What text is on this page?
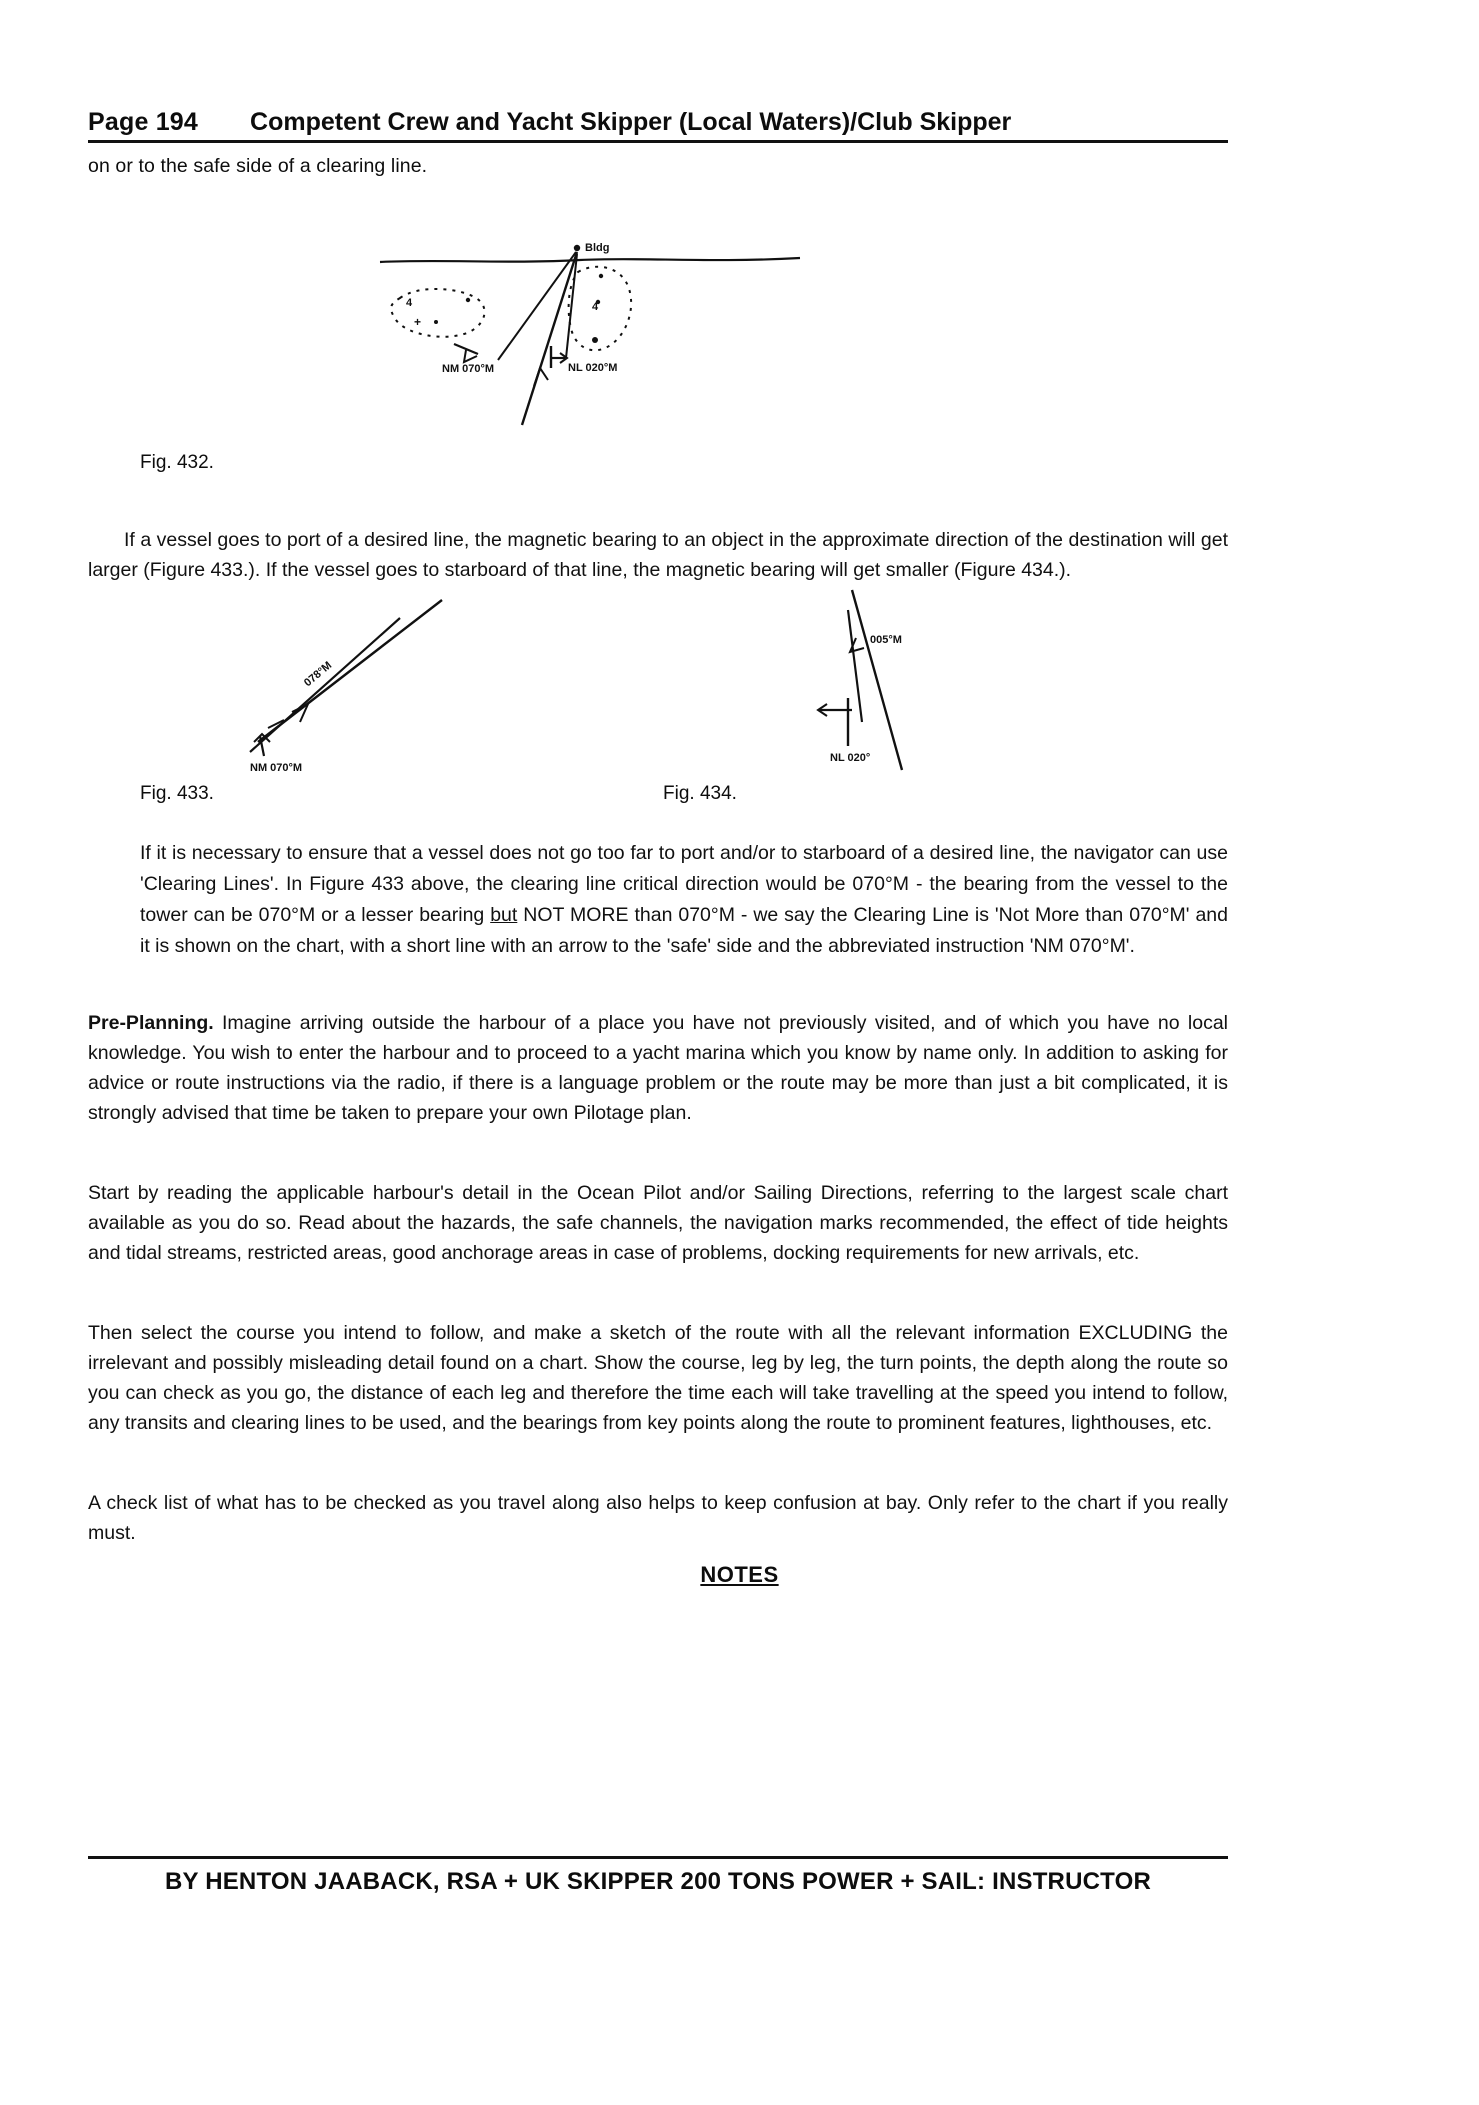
Page 194 Competent Crew and Yacht Skipper (Local Waters)/Club Skipper
on or to the safe side of a clearing line.
4
4
+
Bldg
NM 070°M	NL 020°M
Fig. 432.
If a vessel goes to port of a desired line, the magnetic bearing to an object in the approximate direction of the destination will get larger (Figure 433.). If the vessel goes to starboard of that line, the magnetic bearing will get smaller (Figure 434.).
078°M
NM 070°M
Fig. 433.
005°M
NL 020°
Fig. 434.
If it is necessary to ensure that a vessel does not go too far to port and/or to starboard of a desired line, the navigator can use 'Clearing Lines'. In Figure 433 above, the clearing line critical direction would be 070°M - the bearing from the vessel to the tower can be 070°M or a lesser bearing but NOT MORE than 070°M - we say the Clearing Line is 'Not More than 070°M' and it is shown on the chart, with a short line with an arrow to the 'safe' side and the abbreviated instruction 'NM 070°M'.
Pre-Planning. Imagine arriving outside the harbour of a place you have not previously visited, and of which you have no local knowledge. You wish to enter the harbour and to proceed to a yacht marina which you know by name only. In addition to asking for advice or route instructions via the radio, if there is a language problem or the route may be more than just a bit complicated, it is strongly advised that time be taken to prepare your own Pilotage plan.
Start by reading the applicable harbour's detail in the Ocean Pilot and/or Sailing Directions, referring to the largest scale chart available as you do so. Read about the hazards, the safe channels, the navigation marks recommended, the effect of tide heights and tidal streams, restricted areas, good anchorage areas in case of problems, docking requirements for new arrivals, etc.
Then select the course you intend to follow, and make a sketch of the route with all the relevant information EXCLUDING the irrelevant and possibly misleading detail found on a chart. Show the course, leg by leg, the turn points, the depth along the route so you can check as you go, the distance of each leg and therefore the time each will take travelling at the speed you intend to follow, any transits and clearing lines to be used, and the bearings from key points along the route to prominent features, lighthouses, etc.
A check list of what has to be checked as you travel along also helps to keep confusion at bay. Only refer to the chart if you really must.
NOTES
BY HENTON JAABACK, RSA + UK SKIPPER 200 TONS POWER + SAIL: INSTRUCTOR
